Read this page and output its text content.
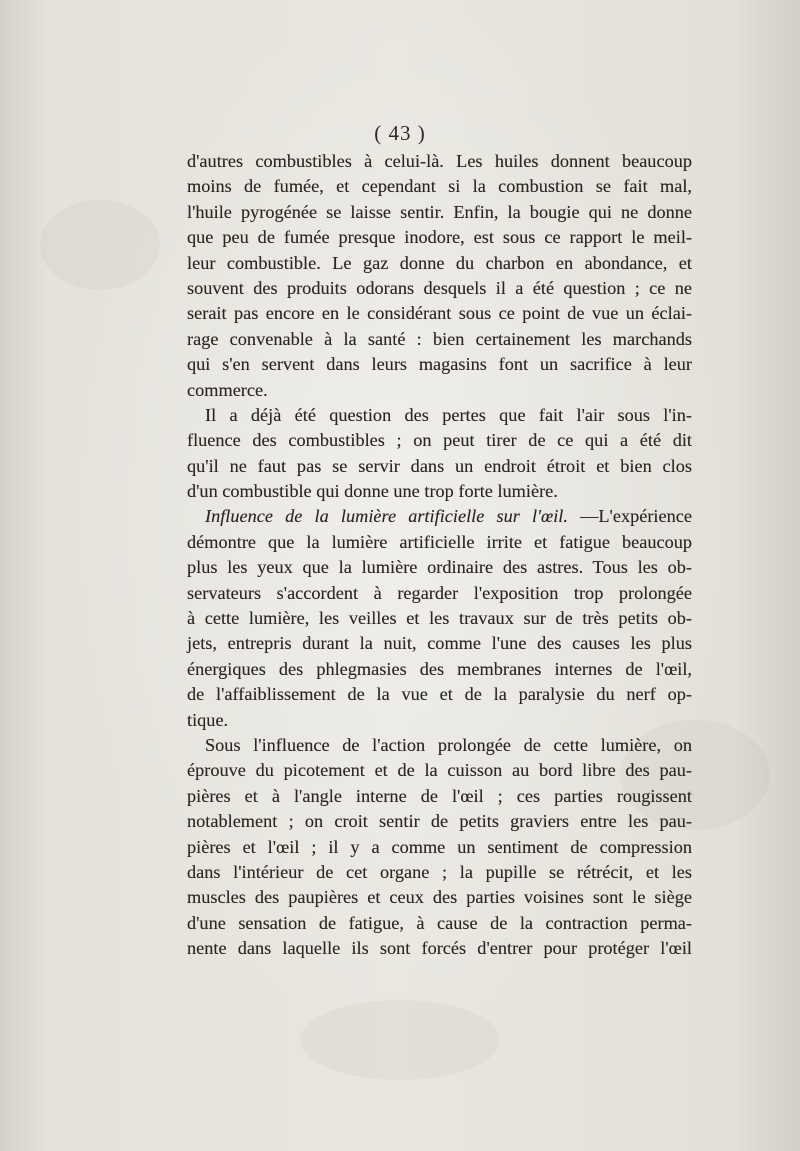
( 43 )
d'autres combustibles à celui-là. Les huiles donnent beaucoup
moins de fumée, et cependant si la combustion se fait mal,
l'huile pyrogénée se laisse sentir. Enfin, la bougie qui ne donne
que peu de fumée presque inodore, est sous ce rapport le meil-
leur combustible. Le gaz donne du charbon en abondance, et
souvent des produits odorans desquels il a été question ; ce ne
serait pas encore en le considérant sous ce point de vue un éclai-
rage convenable à la santé : bien certainement les marchands
qui s'en servent dans leurs magasins font un sacrifice à leur
commerce.
Il a déjà été question des pertes que fait l'air sous l'in-
fluence des combustibles ; on peut tirer de ce qui a été dit
qu'il ne faut pas se servir dans un endroit étroit et bien clos
d'un combustible qui donne une trop forte lumière.
Influence de la lumière artificielle sur l'œil. —L'expérience
démontre que la lumière artificielle irrite et fatigue beaucoup
plus les yeux que la lumière ordinaire des astres. Tous les ob-
servateurs s'accordent à regarder l'exposition trop prolongée
à cette lumière, les veilles et les travaux sur de très petits ob-
jets, entrepris durant la nuit, comme l'une des causes les plus
énergiques des phlegmasies des membranes internes de l'œil,
de l'affaiblissement de la vue et de la paralysie du nerf op-
tique.
Sous l'influence de l'action prolongée de cette lumière, on
éprouve du picotement et de la cuisson au bord libre des pau-
pières et à l'angle interne de l'œil ; ces parties rougissent
notablement ; on croit sentir de petits graviers entre les pau-
pières et l'œil ; il y a comme un sentiment de compression
dans l'intérieur de cet organe ; la pupille se rétrécit, et les
muscles des paupières et ceux des parties voisines sont le siège
d'une sensation de fatigue, à cause de la contraction perma-
nente dans laquelle ils sont forcés d'entrer pour protéger l'œil
